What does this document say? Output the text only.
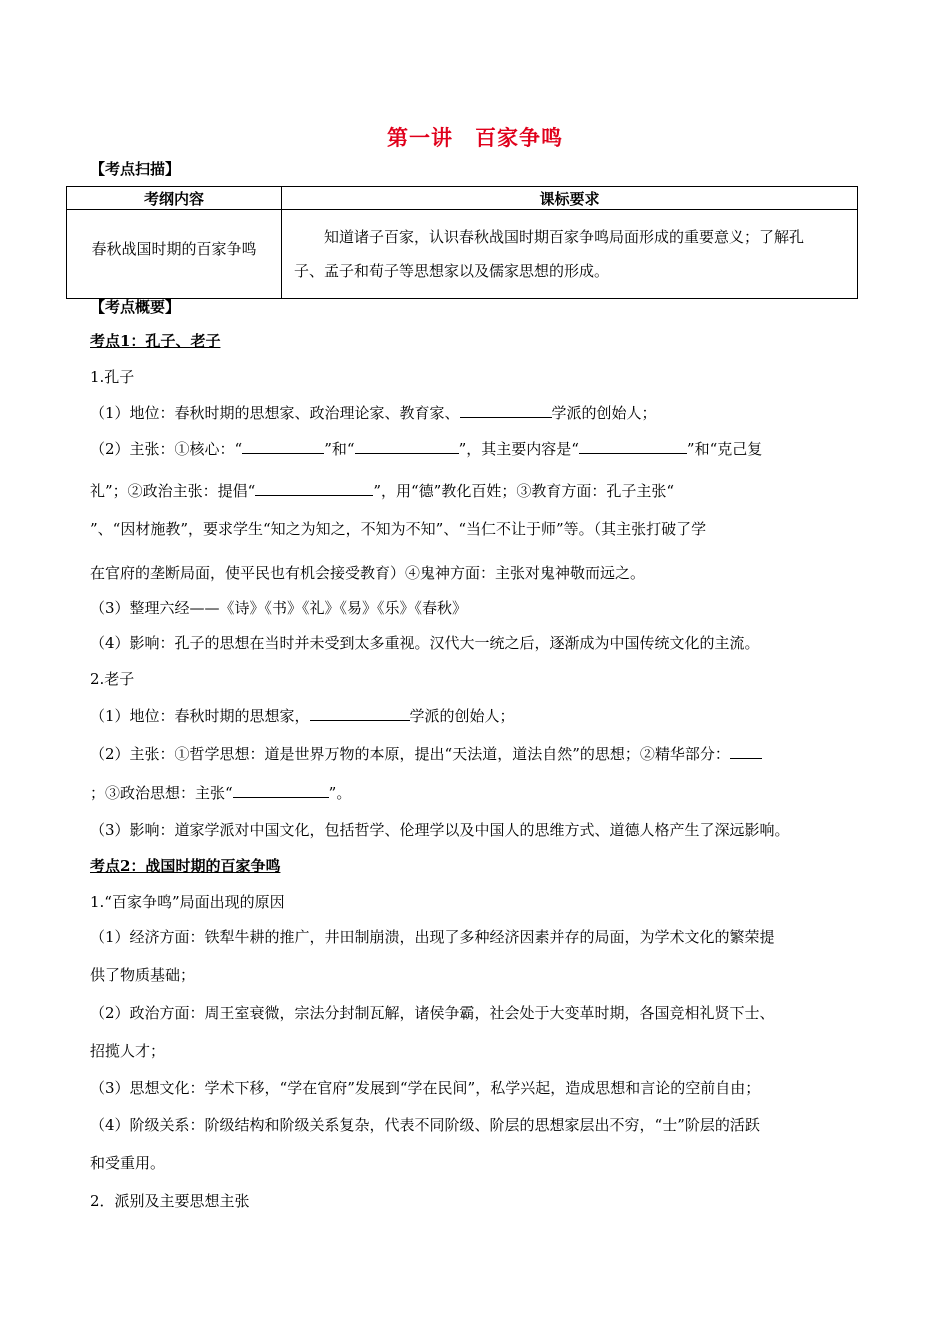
第一讲　百家争鸣
【考点扫描】
考纲内容	课标要求
春秋战国时期的百家争鸣	　　知道诸子百家，认识春秋战国时期百家争鸣局面形成的重要意义；了解孔
子、孟子和荀子等思想家以及儒家思想的形成。
【考点概要】
考点1：孔子、老子
1.孔子
（1）地位：春秋时期的思想家、政治理论家、教育家、	学派的创始人；
（2）主张：①核心：“	”和“	”，其主要内容是“	”和“克己复
礼”；②政治主张：提倡“	”，用“德”教化百姓；③教育方面：孔子主张“
”、“因材施教”，要求学生“知之为知之，不知为不知”、“当仁不让于师”等。（其主张打破了学
在官府的垄断局面，使平民也有机会接受教育）④鬼神方面：主张对鬼神敬而远之。
（3）整理六经——《诗》《书》《礼》《易》《乐》《春秋》
（4）影响：孔子的思想在当时并未受到太多重视。汉代大一统之后，逐渐成为中国传统文化的主流。
2.老子
（1）地位：春秋时期的思想家，	学派的创始人；
（2）主张：①哲学思想：道是世界万物的本原，提出“天法道，道法自然”的思想；②精华部分：
；③政治思想：主张“	”。
（3）影响：道家学派对中国文化，包括哲学、伦理学以及中国人的思维方式、道德人格产生了深远影响。
考点2：战国时期的百家争鸣
1.“百家争鸣”局面出现的原因
（1）经济方面：铁犁牛耕的推广，井田制崩溃，出现了多种经济因素并存的局面，为学术文化的繁荣提
供了物质基础；
（2）政治方面：周王室衰微，宗法分封制瓦解，诸侯争霸，社会处于大变革时期，各国竞相礼贤下士、
招揽人才；
（3）思想文化：学术下移，“学在官府”发展到“学在民间”，私学兴起，造成思想和言论的空前自由；
（4）阶级关系：阶级结构和阶级关系复杂，代表不同阶级、阶层的思想家层出不穷，“士”阶层的活跃
和受重用。
2．派别及主要思想主张
